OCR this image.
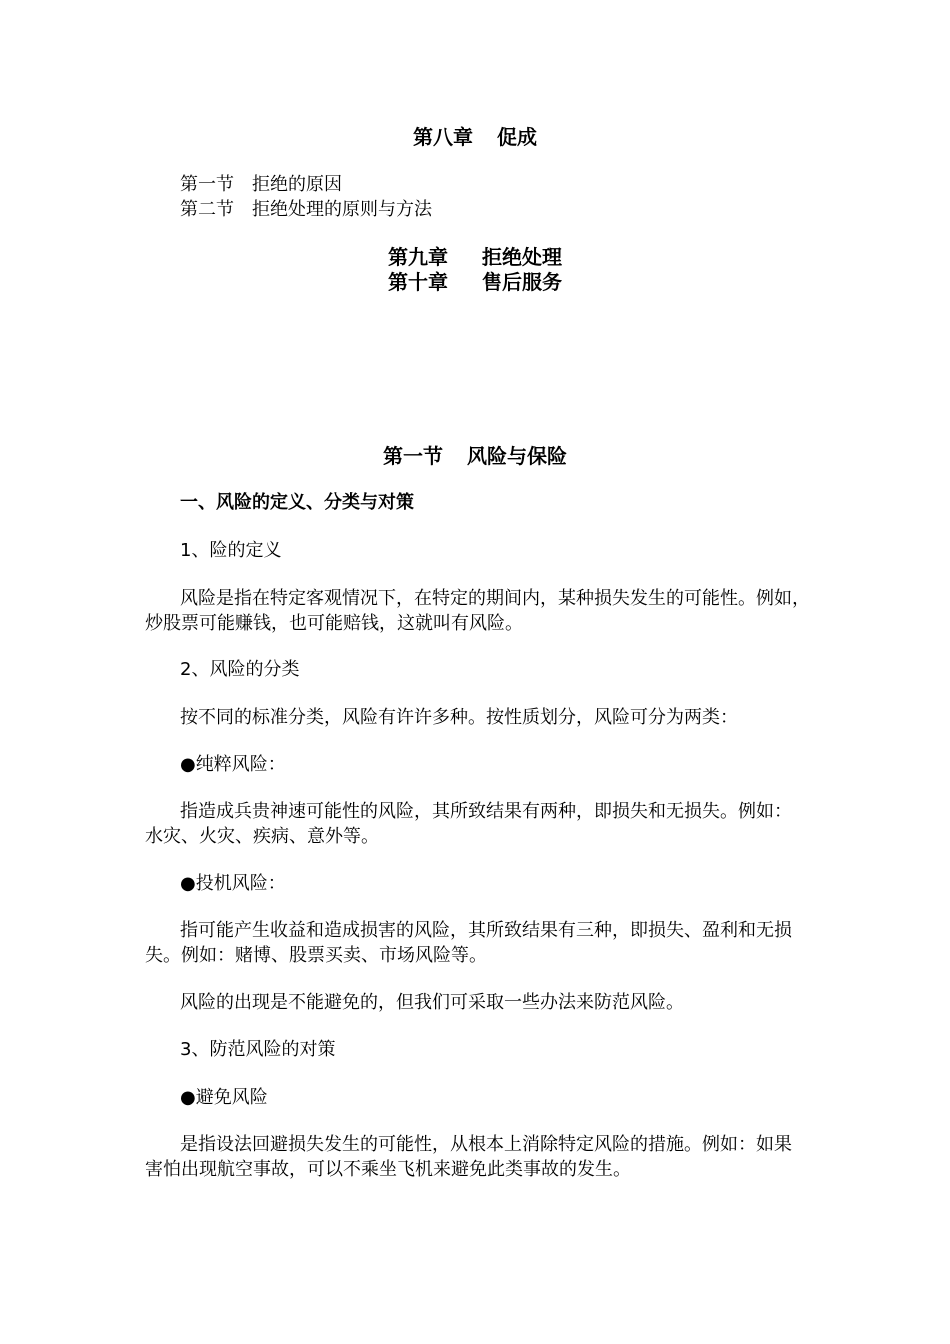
第八章 促成
第一节 拒绝的原因
第二节 拒绝处理的原则与方法
第九章 拒绝处理
第十章 售后服务
第一节 风险与保险
一、风险的定义、分类与对策
1、险的定义
风险是指在特定客观情况下，在特定的期间内，某种损失发生的可能性。例如，
炒股票可能赚钱，也可能赔钱，这就叫有风险。
2、风险的分类
按不同的标准分类，风险有许许多种。按性质划分，风险可分为两类：
●纯粹风险：
指造成兵贵神速可能性的风险，其所致结果有两种，即损失和无损失。例如：
水灾、火灾、疾病、意外等。
●投机风险：
指可能产生收益和造成损害的风险，其所致结果有三种，即损失、盈利和无损
失。例如：赌博、股票买卖、市场风险等。
风险的出现是不能避免的，但我们可采取一些办法来防范风险。
3、防范风险的对策
●避免风险
是指设法回避损失发生的可能性，从根本上消除特定风险的措施。例如：如果
害怕出现航空事故，可以不乘坐飞机来避免此类事故的发生。
